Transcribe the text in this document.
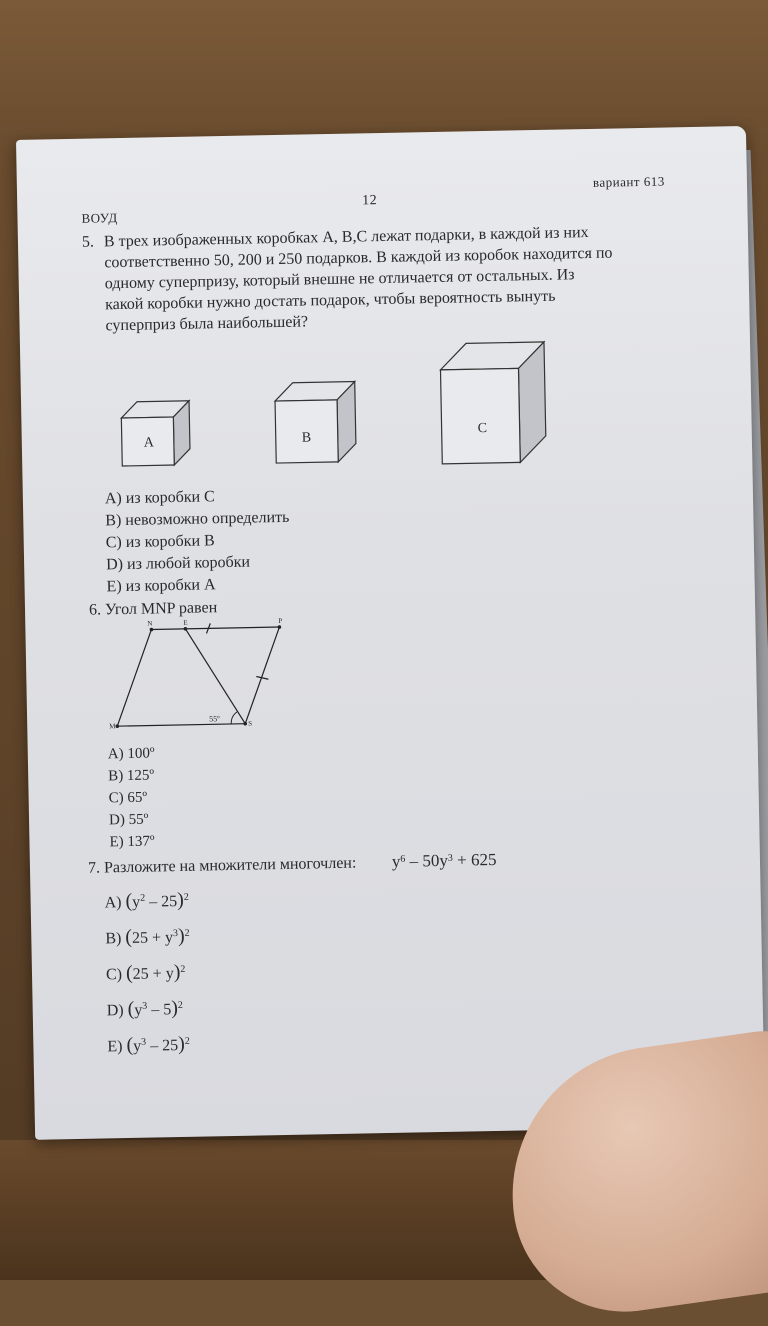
ВОУД
12
вариант 613
5. В трех изображенных коробках A, B,C лежат подарки, в каждой из них
соответственно 50, 200 и 250 подарков. В каждой из коробок находится по
одному суперпризу, который внешне не отличается от остальных. Из
какой коробки нужно достать подарок, чтобы вероятность вынуть
суперприз была наибольшей?
A	B
C
A) из коробки С
B) невозможно определить
C) из коробки В
D) из любой коробки
E) из коробки А
6. Угол MNP равен
N	E	P
M	S
55º
A) 100º
B) 125º
C) 65º
D) 55º
E) 137º
7. Разложите на множители многочлен: $y^6 - 50y^3 + 625$
A) $(y^2 - 25)^2$
B) $(25 + y^3)^2$
C) $(25 + y)^2$
D) $(y^3 - 5)^2$
E) $(y^3 - 25)^2$
